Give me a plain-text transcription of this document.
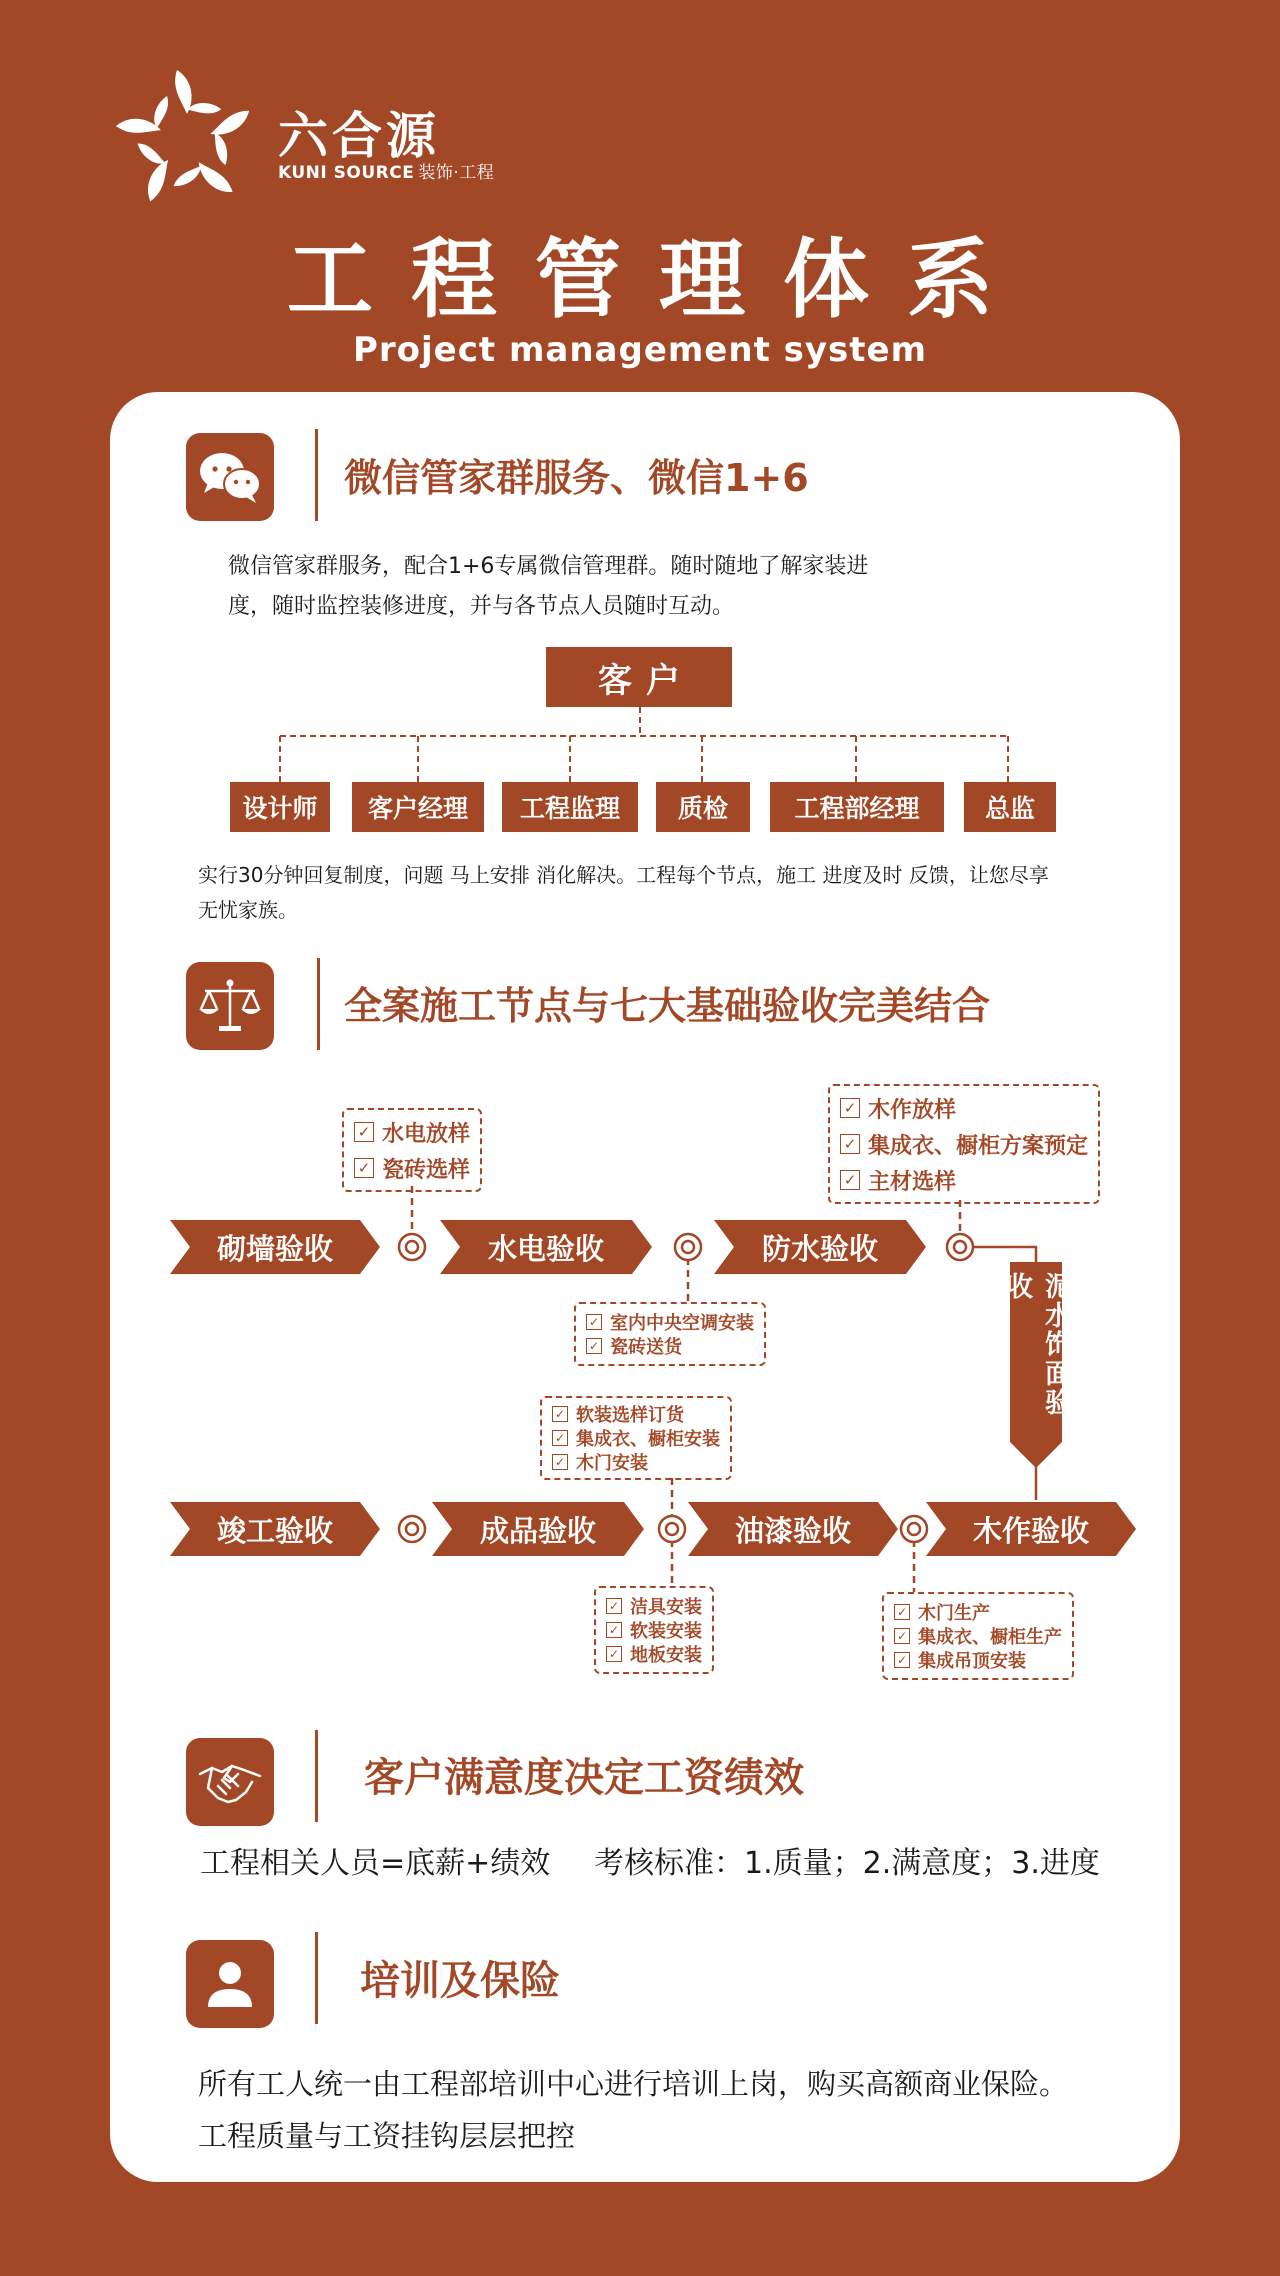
六合源
KUNI SOURCE 装饰·工程
工程管理体系
Project management system
微信管家群服务、微信1+6
微信管家群服务，配合1+6专属微信管理群。随时随地了解家装进
度，随时监控装修进度，并与各节点人员随时互动。
客户
设计师	客户经理	工程监理	质检	工程部经理	总监
实行30分钟回复制度，问题 马上安排 消化解决。工程每个节点，施工 进度及时 反馈，让您尽享
无忧家族。
全案施工节点与七大基础验收完美结合
砌墙验收	水电验收	防水验收
泥水饰面验收
木作验收
油漆验收
成品验收
竣工验收
✓ 水电放样
✓ 瓷砖选样
✓ 木作放样
✓ 集成衣、橱柜方案预定
✓ 主材选样
✓ 室内中央空调安装
✓ 瓷砖送货
✓ 软装选样订货
✓ 集成衣、橱柜安装
✓ 木门安装
✓ 洁具安装
✓ 软装安装
✓ 地板安装
✓ 木门生产
✓ 集成衣、橱柜生产
✓ 集成吊顶安装
客户满意度决定工资绩效
工程相关人员=底薪+绩效 考核标准：1.质量；2.满意度；3.进度
培训及保险
所有工人统一由工程部培训中心进行培训上岗，购买高额商业保险。
工程质量与工资挂钩层层把控
